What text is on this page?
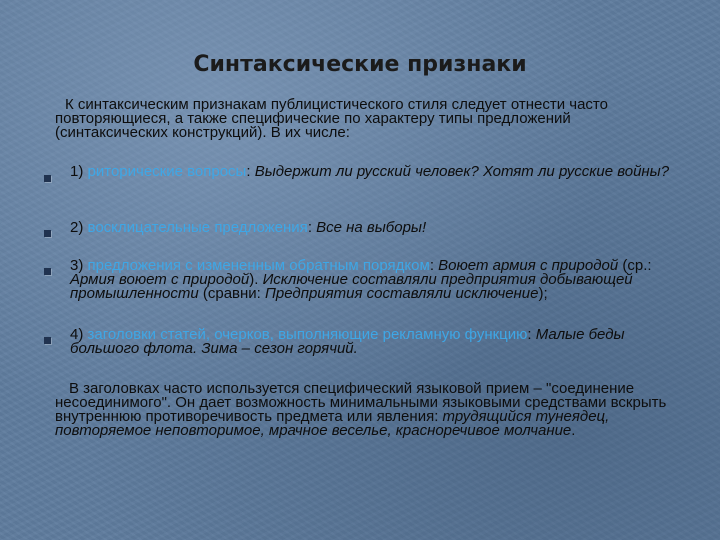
Синтаксические признаки
К синтаксическим признакам публицистического стиля следует отнести часто повторяющиеся, а также специфические по характеру типы предложений (синтаксических конструкций). В их числе:
1) риторические вопросы: Выдержит ли русский человек? Хотят ли русские войны?
2) восклицательные предложения: Все на выборы!
3) предложения с измененным обратным порядком: Воюет армия с природой (ср.: Армия воюет с природой). Исключение составляли предприятия добывающей промышленности (сравни: Предприятия составляли исключение);
4) заголовки статей, очерков, выполняющие рекламную функцию: Малые беды большого флота. Зима – сезон горячий.
В заголовках часто используется специфический языковой прием – "соединение несоединимого". Он дает возможность минимальными языковыми средствами вскрыть внутреннюю противоречивость предмета или явления: трудящийся тунеядец, повторяемое неповторимое, мрачное веселье, красноречивое молчание.
